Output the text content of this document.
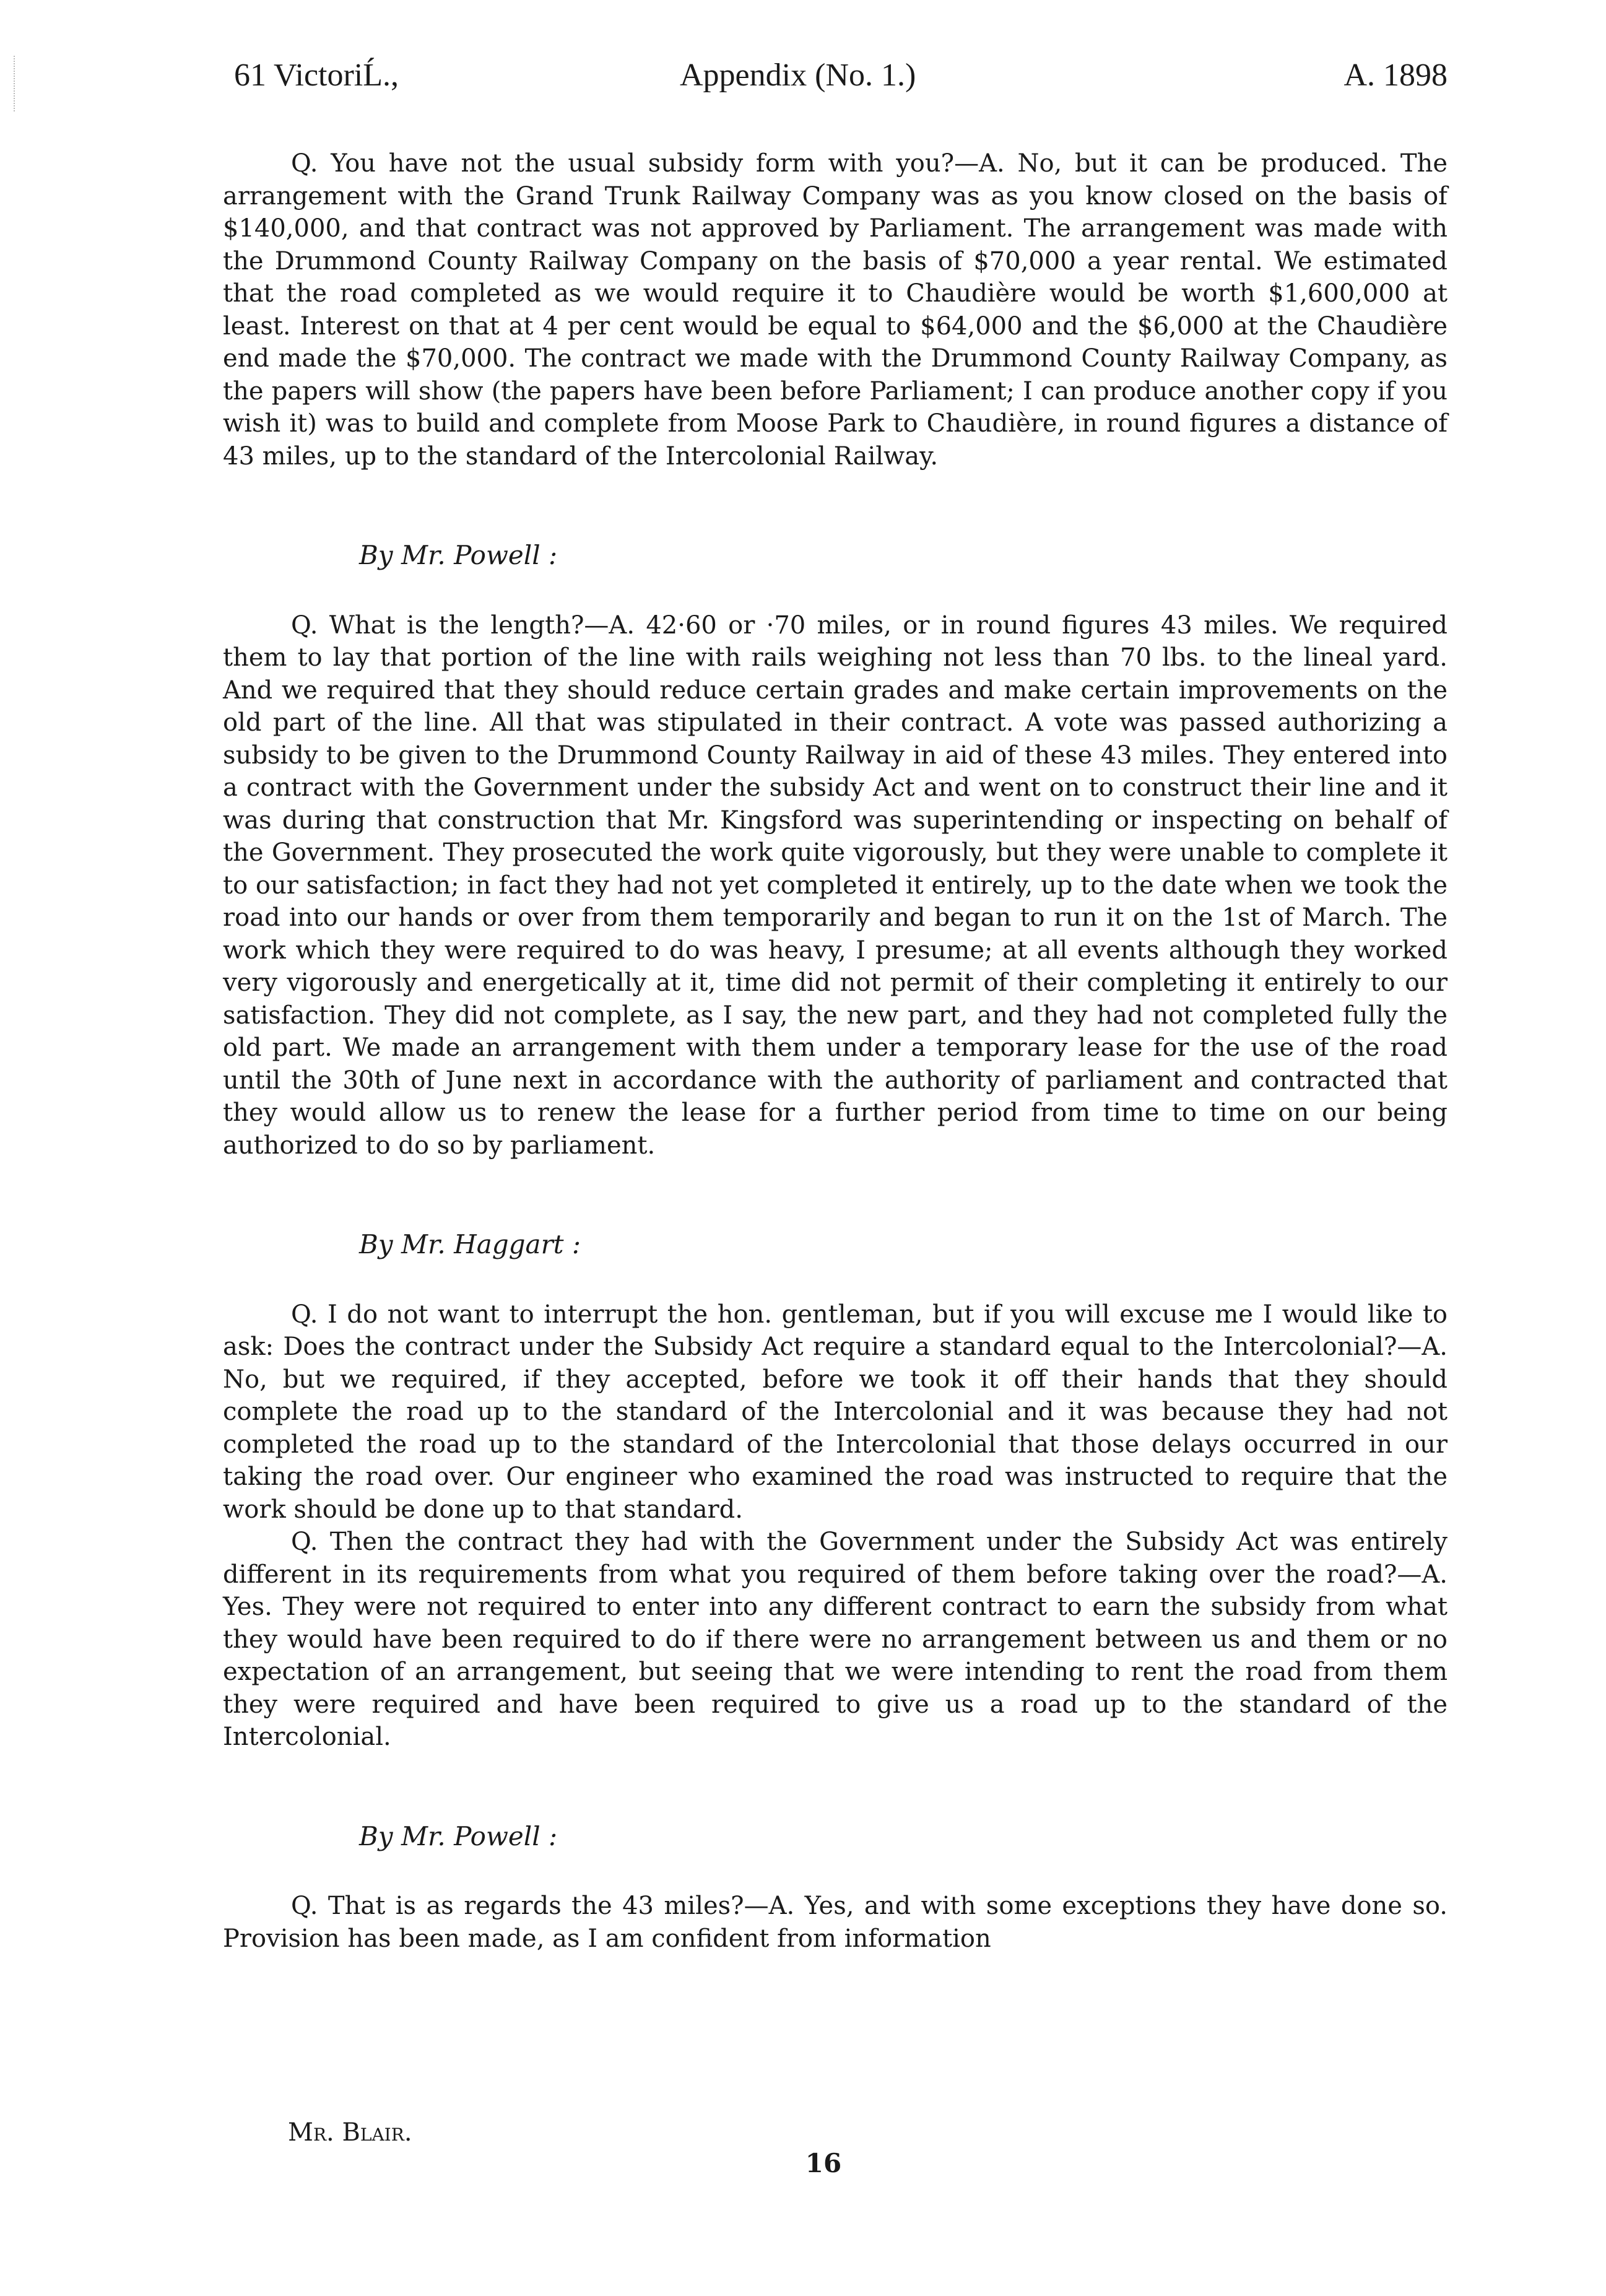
61 VictoriĹ.,	Appendix (No. 1.)	A. 1898

Q. You have not the usual subsidy form with you?—A. No, but it can be produced. The arrangement with the Grand Trunk Railway Company was as you know closed on the basis of $140,000, and that contract was not approved by Parliament. The arrangement was made with the Drummond County Railway Company on the basis of $70,000 a year rental. We estimated that the road completed as we would require it to Chaudière would be worth $1,600,000 at least. Interest on that at 4 per cent would be equal to $64,000 and the $6,000 at the Chaudière end made the $70,000. The contract we made with the Drummond County Railway Company, as the papers will show (the papers have been before Parliament; I can produce another copy if you wish it) was to build and complete from Moose Park to Chaudière, in round figures a distance of 43 miles, up to the standard of the Intercolonial Railway.

By Mr. Powell :

Q. What is the length?—A. 42·60 or ·70 miles, or in round figures 43 miles. We required them to lay that portion of the line with rails weighing not less than 70 lbs. to the lineal yard. And we required that they should reduce certain grades and make certain improvements on the old part of the line. All that was stipulated in their contract. A vote was passed authorizing a subsidy to be given to the Drummond County Railway in aid of these 43 miles. They entered into a contract with the Government under the subsidy Act and went on to construct their line and it was during that construction that Mr. Kingsford was superintending or inspecting on behalf of the Government. They prosecuted the work quite vigorously, but they were unable to complete it to our satisfaction; in fact they had not yet completed it entirely, up to the date when we took the road into our hands or over from them temporarily and began to run it on the 1st of March. The work which they were required to do was heavy, I presume; at all events although they worked very vigorously and energetically at it, time did not permit of their completing it entirely to our satisfaction. They did not complete, as I say, the new part, and they had not completed fully the old part. We made an arrangement with them under a temporary lease for the use of the road until the 30th of June next in accordance with the authority of parliament and contracted that they would allow us to renew the lease for a further period from time to time on our being authorized to do so by parliament.

By Mr. Haggart :

Q. I do not want to interrupt the hon. gentleman, but if you will excuse me I would like to ask: Does the contract under the Subsidy Act require a standard equal to the Intercolonial?—A. No, but we required, if they accepted, before we took it off their hands that they should complete the road up to the standard of the Intercolonial and it was because they had not completed the road up to the standard of the Intercolonial that those delays occurred in our taking the road over. Our engineer who examined the road was instructed to require that the work should be done up to that standard.

Q. Then the contract they had with the Government under the Subsidy Act was entirely different in its requirements from what you required of them before taking over the road?—A. Yes. They were not required to enter into any different contract to earn the subsidy from what they would have been required to do if there were no arrangement between us and them or no expectation of an arrangement, but seeing that we were intending to rent the road from them they were required and have been required to give us a road up to the standard of the Intercolonial.

By Mr. Powell :

Q. That is as regards the 43 miles?—A. Yes, and with some exceptions they have done so. Provision has been made, as I am confident from information

Mr. Blair.
16
